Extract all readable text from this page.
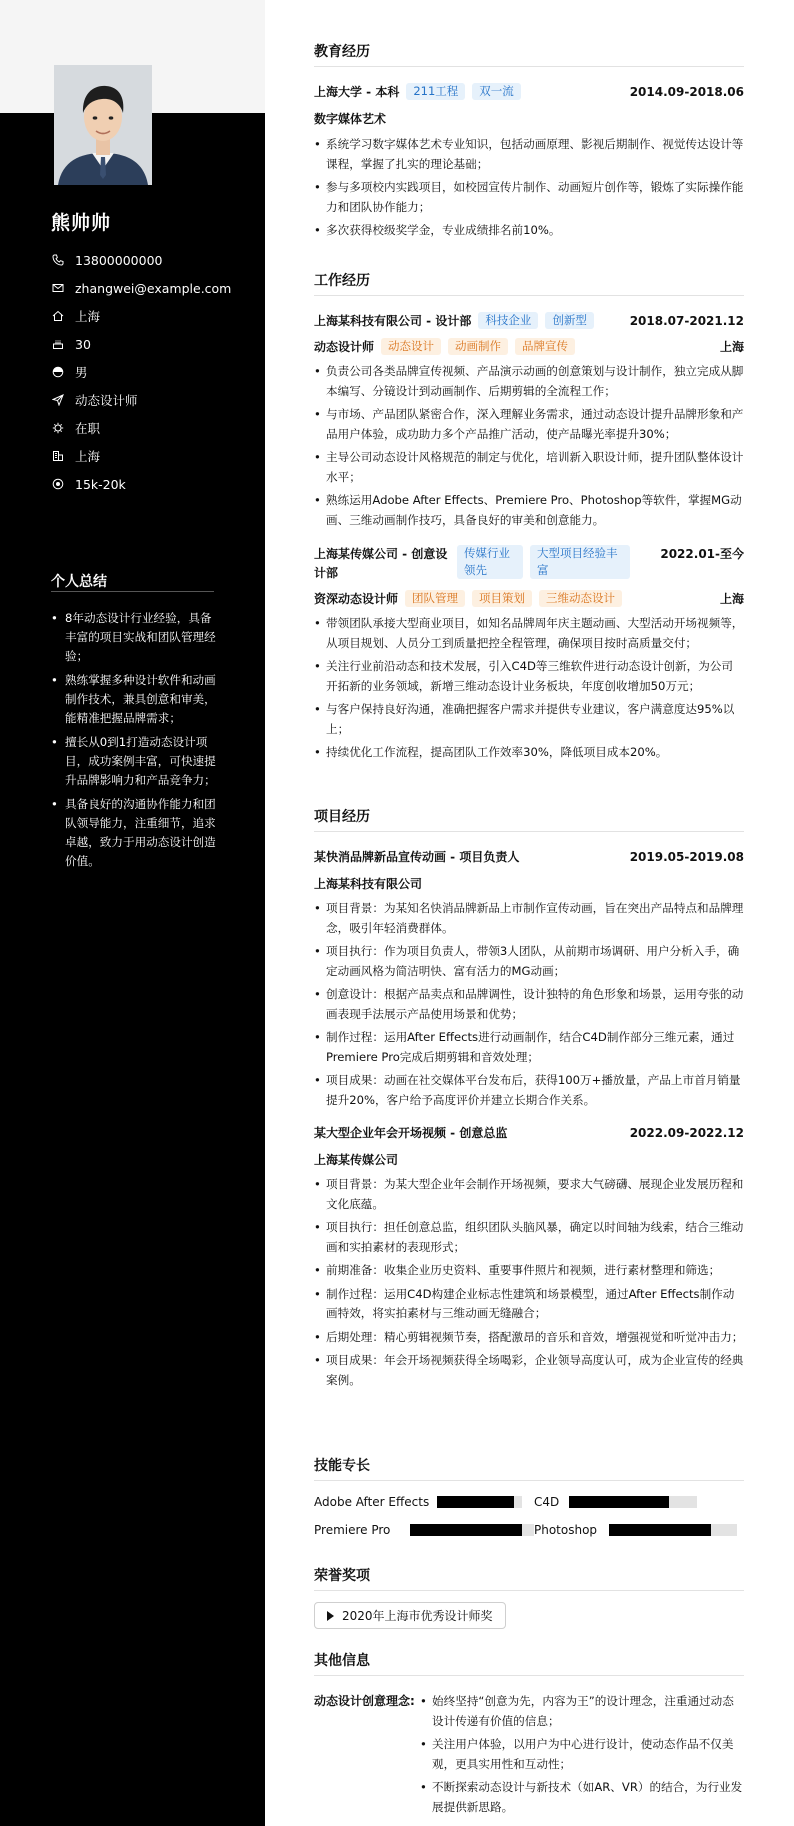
熊帅帅
13800000000
zhangwei@example.com
上海
30
男
动态设计师
在职
上海
15k-20k
个人总结
• 8年动态设计行业经验，具备丰富的项目实战和团队管理经验；
• 熟练掌握多种设计软件和动画制作技术，兼具创意和审美，能精准把握品牌需求；
• 擅长从0到1打造动态设计项目，成功案例丰富，可快速提升品牌影响力和产品竞争力；
• 具备良好的沟通协作能力和团队领导能力，注重细节，追求卓越，致力于用动态设计创造价值。
教育经历
上海大学 - 本科	211工程	双一流	2014.09-2018.06
数字媒体艺术
• 系统学习数字媒体艺术专业知识，包括动画原理、影视后期制作、视觉传达设计等课程，掌握了扎实的理论基础；
• 参与多项校内实践项目，如校园宣传片制作、动画短片创作等，锻炼了实际操作能力和团队协作能力；
• 多次获得校级奖学金，专业成绩排名前10%。
工作经历
上海某科技有限公司 - 设计部	科技企业	创新型	2018.07-2021.12
动态设计师	动态设计	动画制作	品牌宣传	上海
• 负责公司各类品牌宣传视频、产品演示动画的创意策划与设计制作，独立完成从脚本编写、分镜设计到动画制作、后期剪辑的全流程工作；
• 与市场、产品团队紧密合作，深入理解业务需求，通过动态设计提升品牌形象和产品用户体验，成功助力多个产品推广活动，使产品曝光率提升30%；
• 主导公司动态设计风格规范的制定与优化，培训新入职设计师，提升团队整体设计水平；
• 熟练运用Adobe After Effects、Premiere Pro、Photoshop等软件，掌握MG动画、三维动画制作技巧，具备良好的审美和创意能力。
上海某传媒公司 - 创意设计部
传媒行业领先
大型项目经验丰富
2022.01-至今
资深动态设计师	团队管理	项目策划	三维动态设计	上海
• 带领团队承接大型商业项目，如知名品牌周年庆主题动画、大型活动开场视频等，从项目规划、人员分工到质量把控全程管理，确保项目按时高质量交付；
• 关注行业前沿动态和技术发展，引入C4D等三维软件进行动态设计创新，为公司开拓新的业务领域，新增三维动态设计业务板块，年度创收增加50万元；
• 与客户保持良好沟通，准确把握客户需求并提供专业建议，客户满意度达95%以上；
• 持续优化工作流程，提高团队工作效率30%，降低项目成本20%。
项目经历
某快消品牌新品宣传动画 - 项目负责人	2019.05-2019.08
上海某科技有限公司
• 项目背景：为某知名快消品牌新品上市制作宣传动画，旨在突出产品特点和品牌理念，吸引年轻消费群体。
• 项目执行：作为项目负责人，带领3人团队，从前期市场调研、用户分析入手，确定动画风格为简洁明快、富有活力的MG动画；
• 创意设计：根据产品卖点和品牌调性，设计独特的角色形象和场景，运用夸张的动画表现手法展示产品使用场景和优势；
• 制作过程：运用After Effects进行动画制作，结合C4D制作部分三维元素，通过Premiere Pro完成后期剪辑和音效处理；
• 项目成果：动画在社交媒体平台发布后，获得100万+播放量，产品上市首月销量提升20%，客户给予高度评价并建立长期合作关系。
某大型企业年会开场视频 - 创意总监	2022.09-2022.12
上海某传媒公司
• 项目背景：为某大型企业年会制作开场视频，要求大气磅礴、展现企业发展历程和文化底蕴。
• 项目执行：担任创意总监，组织团队头脑风暴，确定以时间轴为线索，结合三维动画和实拍素材的表现形式；
• 前期准备：收集企业历史资料、重要事件照片和视频，进行素材整理和筛选；
• 制作过程：运用C4D构建企业标志性建筑和场景模型，通过After Effects制作动画特效，将实拍素材与三维动画无缝融合；
• 后期处理：精心剪辑视频节奏，搭配激昂的音乐和音效，增强视觉和听觉冲击力；
• 项目成果：年会开场视频获得全场喝彩，企业领导高度认可，成为企业宣传的经典案例。
技能专长
Adobe After Effects	C4D
Premiere Pro	Photoshop
荣誉奖项
2020年上海市优秀设计师奖
其他信息
动态设计创意理念:
•	始终坚持“创意为先，内容为王”的设计理念，注重通过动态设计传递有价值的信息；
• 关注用户体验，以用户为中心进行设计，使动态作品不仅美观，更具实用性和互动性；
• 不断探索动态设计与新技术（如AR、VR）的结合，为行业发展提供新思路。
